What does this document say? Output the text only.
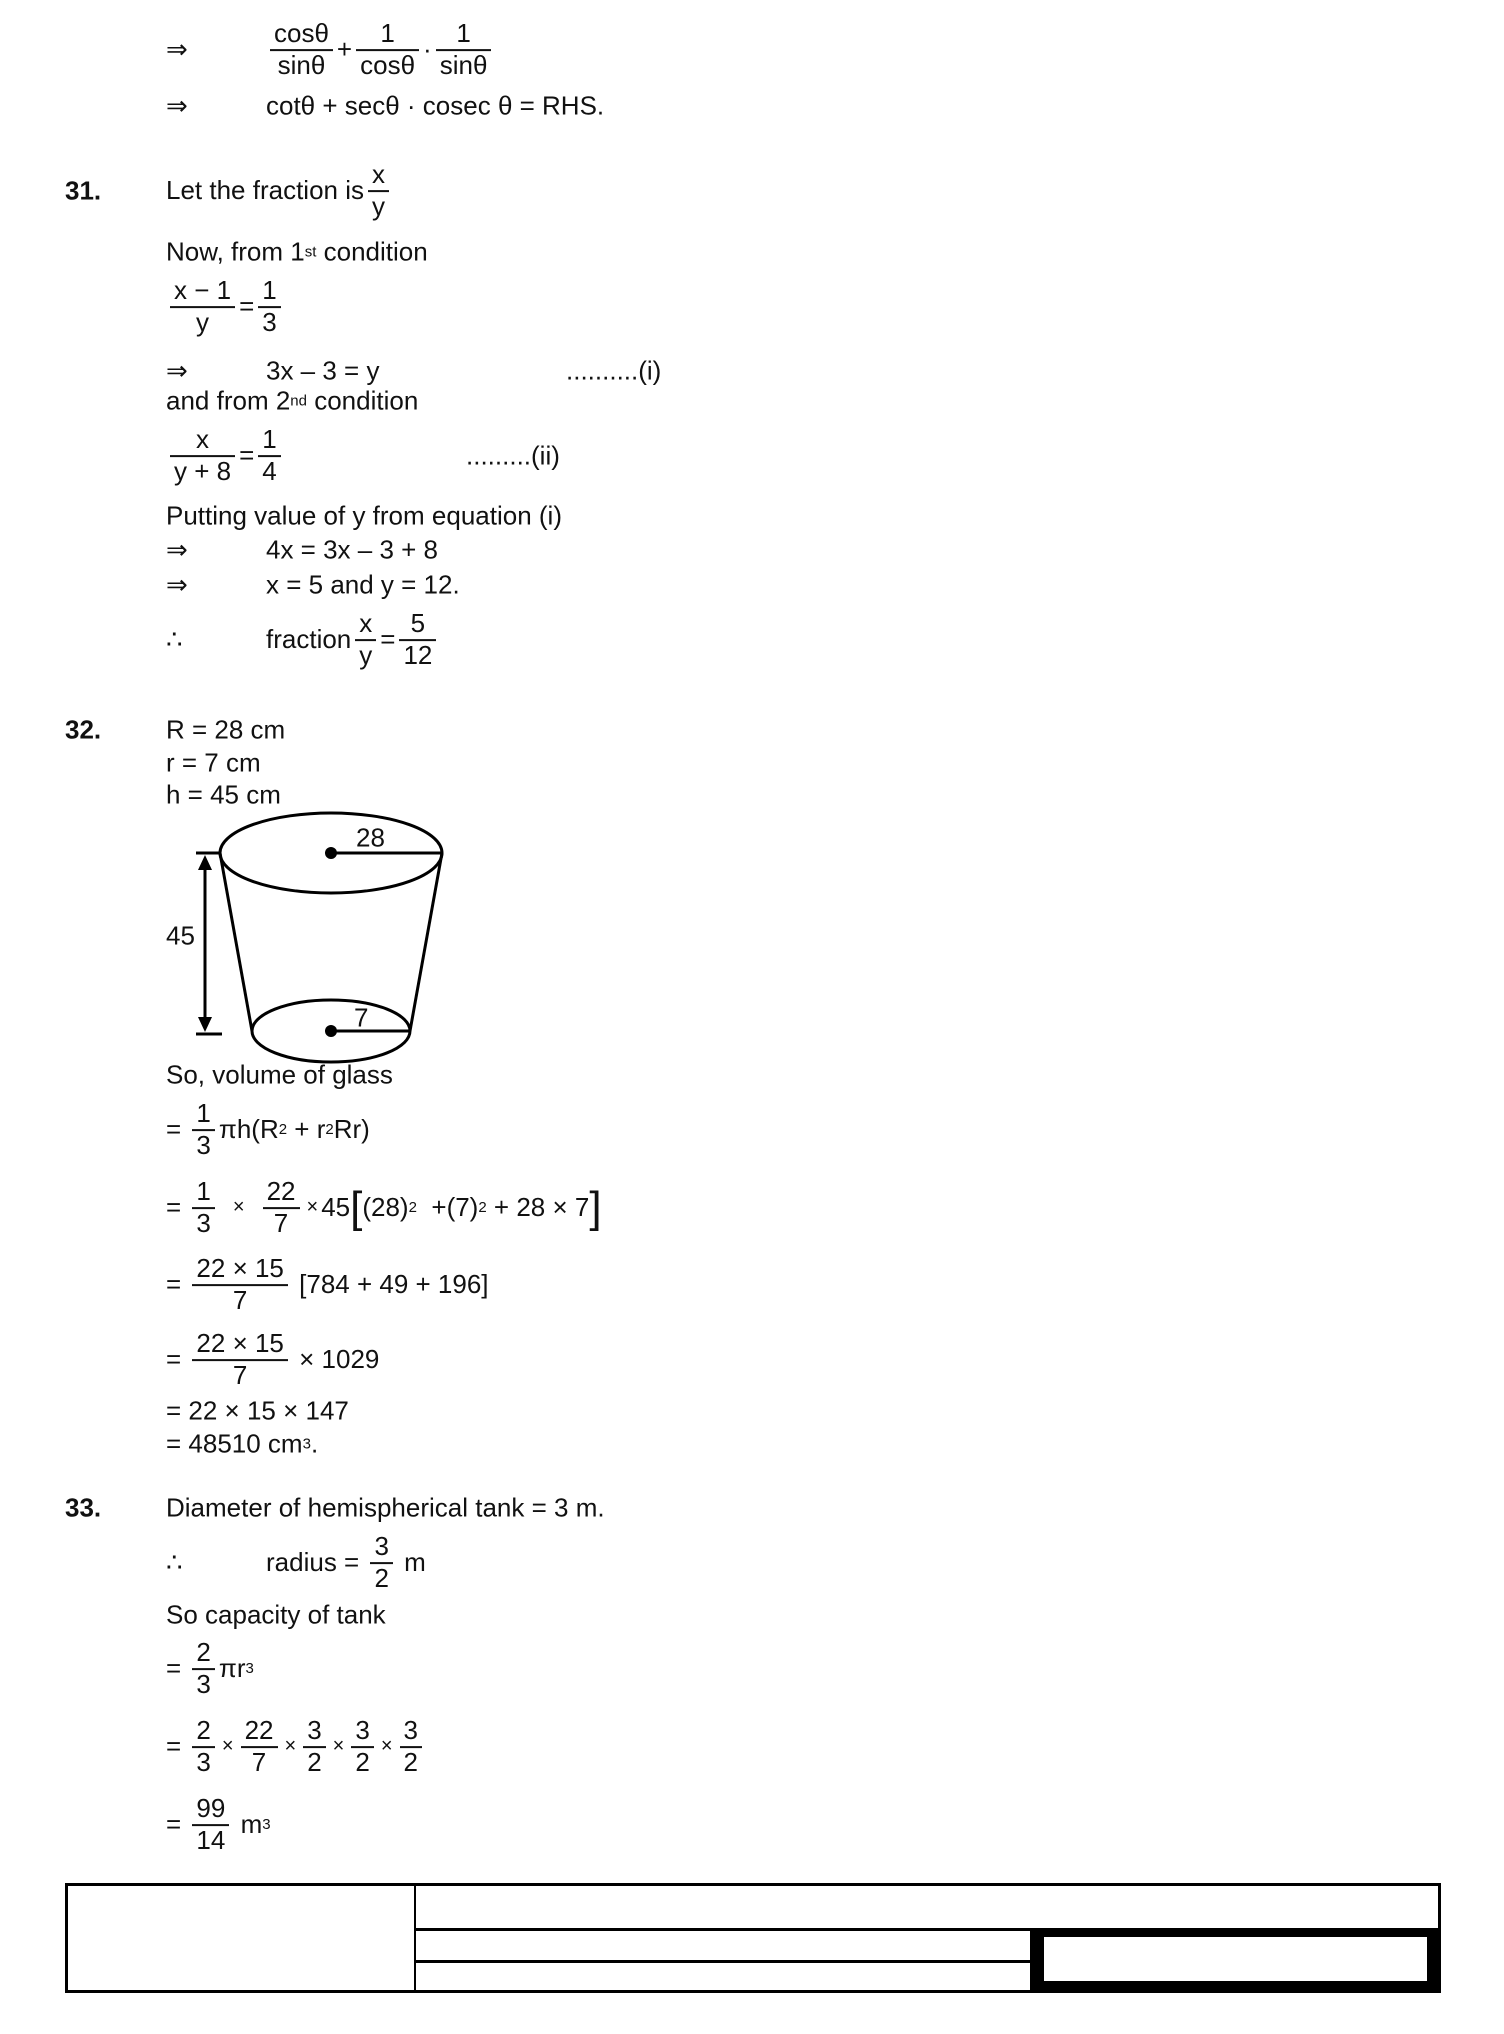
⇒	$\frac{\cos\theta}{\sin\theta} + \frac{1}{\cos\theta} \cdot \frac{1}{\sin\theta}$
⇒	cotθ + secθ · cosec θ = RHS.
31. Let the fraction is $\frac{x}{y}$
Now, from 1 st condition
$\frac{x - 1}{y} = \frac{1}{3}$
⇒	3x – 3 = y	..........(i)
and from 2 nd condition
$\frac{x}{y + 8} = \frac{1}{4}$	.........(ii)
Putting value of y from equation (i)
⇒	4x = 3x – 3 + 8
⇒	x = 5 and y = 12.
∴	fraction $\frac{x}{y} = \frac{5}{12}$
32. R = 28 cm
r = 7 cm
h = 45 cm
28
7
45
So, volume of glass
=
$\frac{1}{3} \pi h(R$ 2 + r 2 Rr)
=
$\frac{1}{3} \times \frac{22}{7} \times 45$ [ (28) 2 +(7) 2 + 28 × 7 ]
=
$\frac{22 \times 15}{7}$
[784 + 49 + 196]
=
$\frac{22 \times 15}{7}$
× 1029
= 22 × 15 × 147
= 48510 cm 3 .
33. Diameter of hemispherical tank = 3 m.
∴	radius =
$\frac{3}{2}$
m
So capacity of tank
=
$\frac{2}{3}$ πr 3
=
$\frac{2}{3} \times \frac{22}{7} \times \frac{3}{2} \times \frac{3}{2} \times \frac{3}{2}$
=
$\frac{99}{14}$
m 3
